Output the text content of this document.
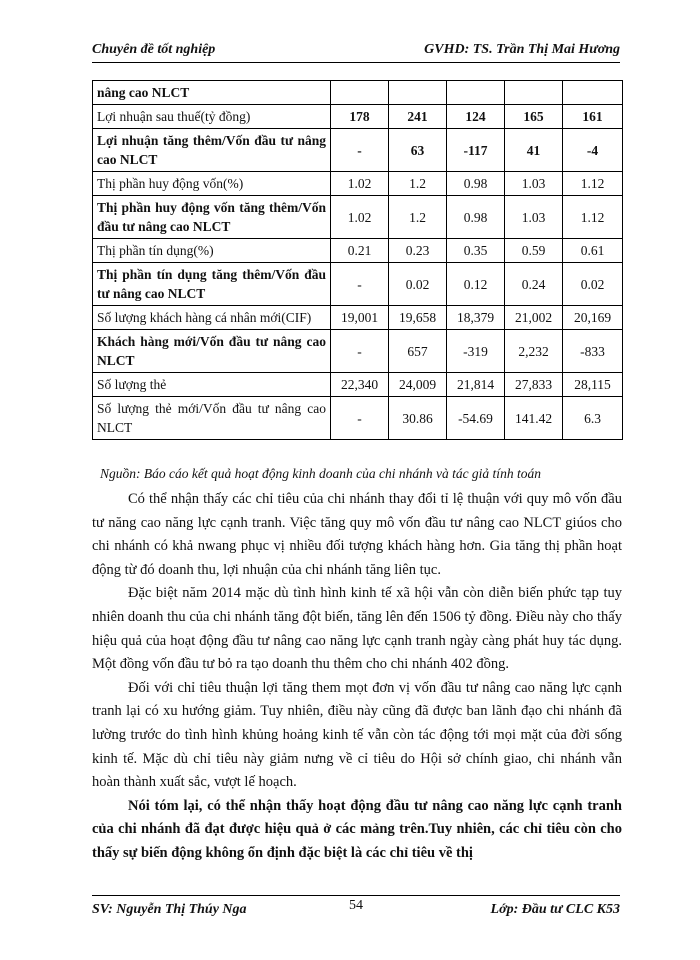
Chuyên đề tốt nghiệp	GVHD: TS. Trần Thị Mai Hương
nâng cao NLCT					
Lợi nhuận sau thuế(tỷ đồng)	178	241	124	165	161
Lợi nhuận tăng thêm/Vốn đầu tư nâng cao NLCT	-	63	-117	41	-4
Thị phần huy động vốn(%)	1.02	1.2	0.98	1.03	1.12
Thị phần huy động vốn tăng thêm/Vốn đầu tư nâng cao NLCT	1.02	1.2	0.98	1.03	1.12
Thị phần tín dụng(%)	0.21	0.23	0.35	0.59	0.61
Thị phần tín dụng tăng thêm/Vốn đầu tư nâng cao NLCT	-	0.02	0.12	0.24	0.02
Số lượng khách hàng cá nhân mới(CIF)	19,001	19,658	18,379	21,002	20,169
Khách hàng mới/Vốn đầu tư nâng cao NLCT	-	657	-319	2,232	-833
Số lượng thẻ	22,340	24,009	21,814	27,833	28,115
Số lượng thẻ mới/Vốn đầu tư nâng cao NLCT	-	30.86	-54.69	141.42	6.3
Nguồn: Báo cáo kết quả hoạt động kinh doanh của chi nhánh và tác giả tính toán

Có thể nhận thấy các chỉ tiêu của chi nhánh thay đổi tỉ lệ thuận với quy mô vốn đầu tư năng cao năng lực cạnh tranh. Việc tăng quy mô vốn đầu tư nâng cao NLCT giúos cho chi nhánh có khả nwang phục vị nhiều đối tượng khách hàng hơn. Gia tăng thị phần hoạt động từ đó doanh thu, lợi nhuận của chi nhánh tăng liên tục.

Đặc biệt năm 2014 mặc dù tình hình kinh tế xã hội vẫn còn diễn biến phức tạp tuy nhiên doanh thu của chi nhánh tăng đột biến, tăng lên đến 1506 tỷ đồng. Điều này cho thấy hiệu quả của hoạt động đầu tư nâng cao năng lực cạnh tranh ngày càng phát huy tác dụng. Một đồng vốn đầu tư bỏ ra tạo doanh thu thêm cho chi nhánh 402 đồng.

Đối với chỉ tiêu thuận lợi tăng them mọt đơn vị vốn đầu tư nâng cao năng lực cạnh tranh lại có xu hướng giảm. Tuy nhiên, điều này cũng đã được ban lãnh đạo chi nhánh đã lường trước do tình hình khủng hoảng kinh tế vẫn còn tác động tới mọi mặt của đời sống kinh tế. Mặc dù chỉ tiêu này giảm nưng về cỉ tiêu do Hội sở chính giao, chi nhánh vẫn hoàn thành xuất sắc, vượt lế hoạch.

Nói tóm lại, có thể nhận thấy hoạt động đầu tư nâng cao năng lực cạnh tranh của chi nhánh đã đạt được hiệu quả ở các mảng trên.Tuy nhiên, các chỉ tiêu còn cho thấy sự biến động không ổn định đặc biệt là các chỉ tiêu về thị

SV: Nguyễn Thị Thúy Nga	54	Lớp: Đầu tư CLC K53
